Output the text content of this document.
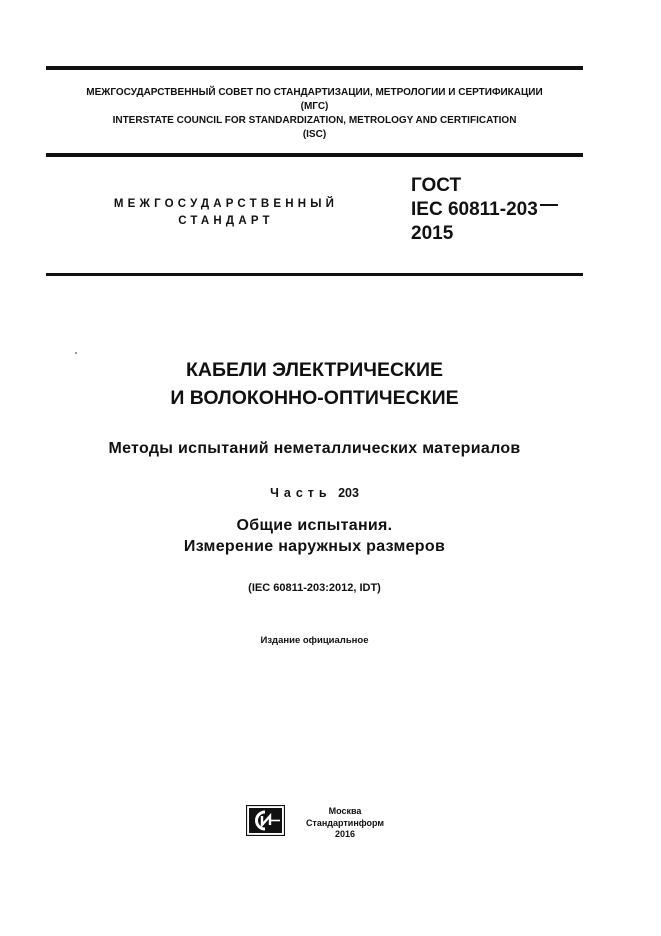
МЕЖГОСУДАРСТВЕННЫЙ СОВЕТ ПО СТАНДАРТИЗАЦИИ, МЕТРОЛОГИИ И СЕРТИФИКАЦИИ
(МГС)
INTERSTATE COUNCIL FOR STANDARDIZATION, METROLOGY AND CERTIFICATION
(ISC)
МЕЖГОСУДАРСТВЕННЫЙ
СТАНДАРТ
ГОСТ
IEC 60811-203
2015
КАБЕЛИ ЭЛЕКТРИЧЕСКИЕ
И ВОЛОКОННО-ОПТИЧЕСКИЕ
Методы испытаний неметаллических материалов
Часть 203
Общие испытания.
Измерение наружных размеров
(IEC 60811-203:2012, IDT)
Издание официальное
Москва
Стандартинформ
2016
